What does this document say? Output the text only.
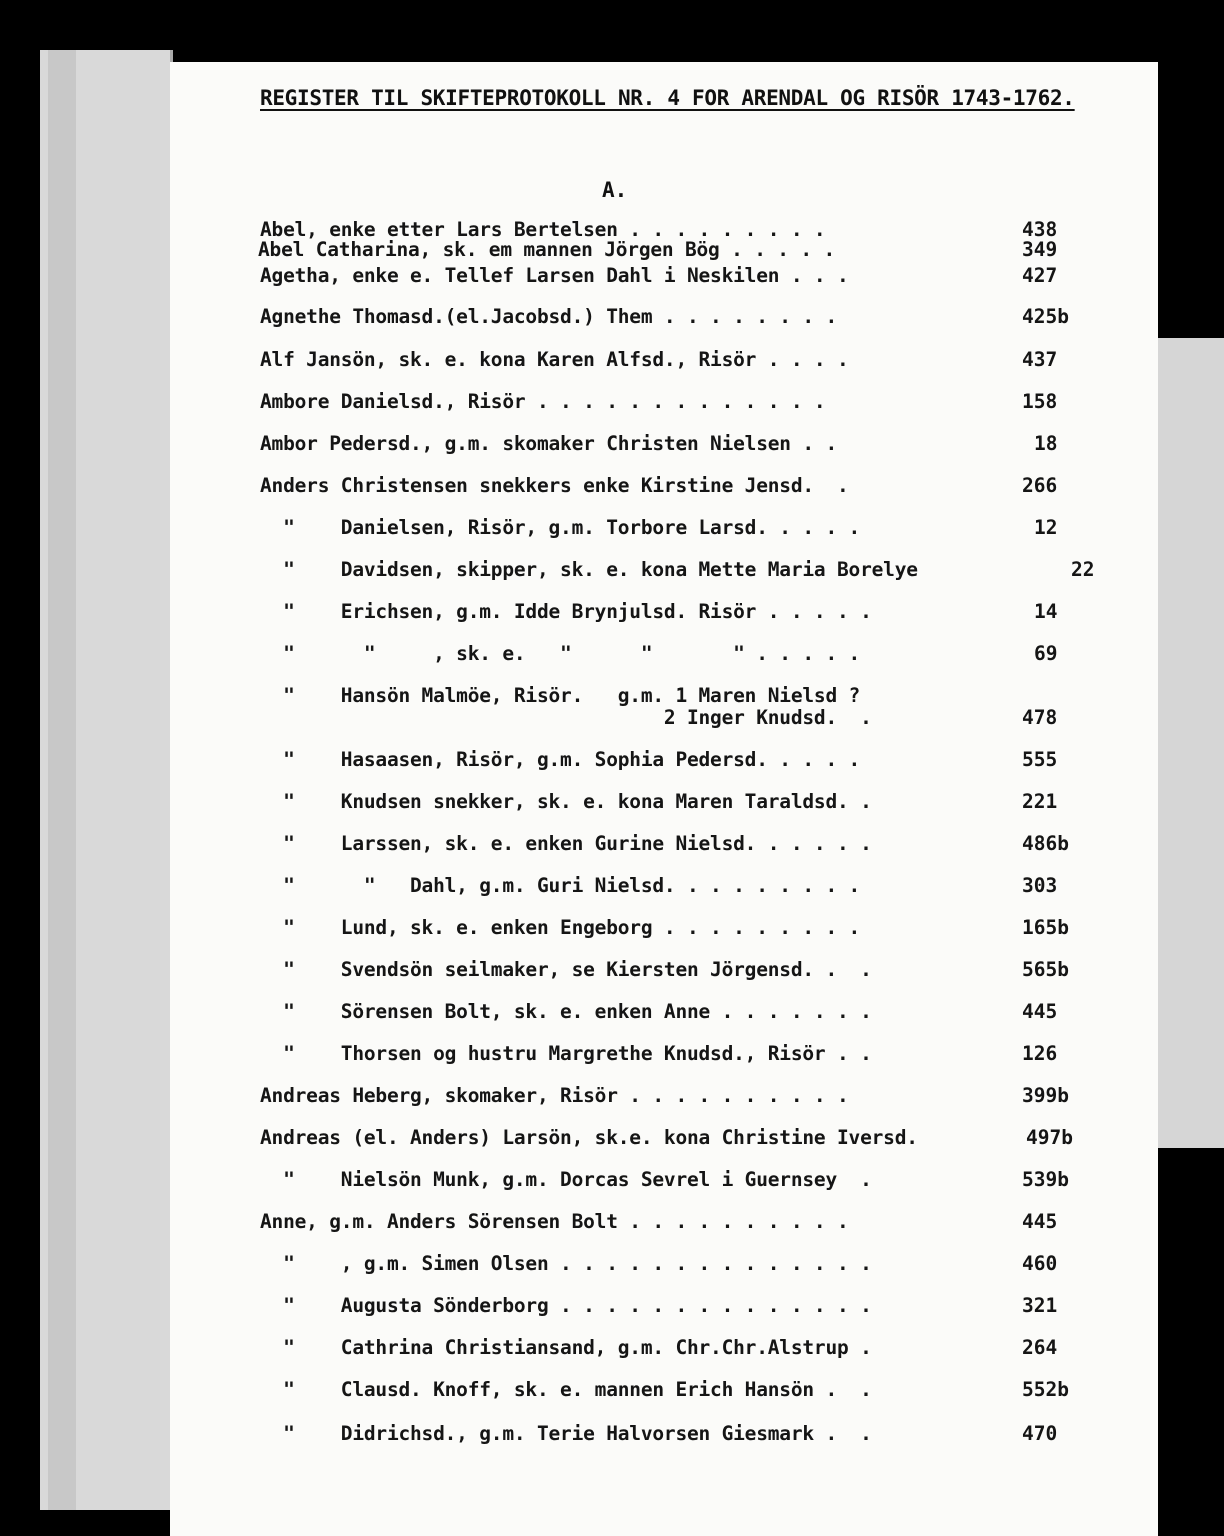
REGISTER TIL SKIFTEPROTOKOLL NR. 4 FOR ARENDAL OG RISÖR 1743-1762.
A.
Abel, enke etter Lars Bertelsen . . . . . . . . .	438
Abel Catharina, sk. em mannen Jörgen Bög . . . . .	349
Agetha, enke e. Tellef Larsen Dahl i Neskilen . . .	427
Agnethe Thomasd.(el.Jacobsd.) Them . . . . . . . .	425b
Alf Jansön, sk. e. kona Karen Alfsd., Risör . . . .	437
Ambore Danielsd., Risör . . . . . . . . . . . . .	158
Ambor Pedersd., g.m. skomaker Christen Nielsen . .	18
Anders Christensen snekkers enke Kirstine Jensd.  .	266
"    Danielsen, Risör, g.m. Torbore Larsd. . . . .	12
"    Davidsen, skipper, sk. e. kona Mette Maria Borelye	22
"    Erichsen, g.m. Idde Brynjulsd. Risör . . . . .	14
"      "     , sk. e.   "      "       " . . . . .	69
"    Hansön Malmöe, Risör.   g.m. 1 Maren Nielsd ?
2 Inger Knudsd.  .	478
"    Hasaasen, Risör, g.m. Sophia Pedersd. . . . .	555
"    Knudsen snekker, sk. e. kona Maren Taraldsd. .	221
"    Larssen, sk. e. enken Gurine Nielsd. . . . . .	486b
"      "   Dahl, g.m. Guri Nielsd. . . . . . . . .	303
"    Lund, sk. e. enken Engeborg . . . . . . . . .	165b
"    Svendsön seilmaker, se Kiersten Jörgensd. .  .	565b
"    Sörensen Bolt, sk. e. enken Anne . . . . . . .	445
"    Thorsen og hustru Margrethe Knudsd., Risör . .	126
Andreas Heberg, skomaker, Risör . . . . . . . . . .	399b
Andreas (el. Anders) Larsön, sk.e. kona Christine Iversd.	497b
"    Nielsön Munk, g.m. Dorcas Sevrel i Guernsey  .	539b
Anne, g.m. Anders Sörensen Bolt . . . . . . . . . .	445
"    , g.m. Simen Olsen . . . . . . . . . . . . . .	460
"    Augusta Sönderborg . . . . . . . . . . . . . .	321
"    Cathrina Christiansand, g.m. Chr.Chr.Alstrup .	264
"    Clausd. Knoff, sk. e. mannen Erich Hansön .  .	552b
"    Didrichsd., g.m. Terie Halvorsen Giesmark .  .	470
